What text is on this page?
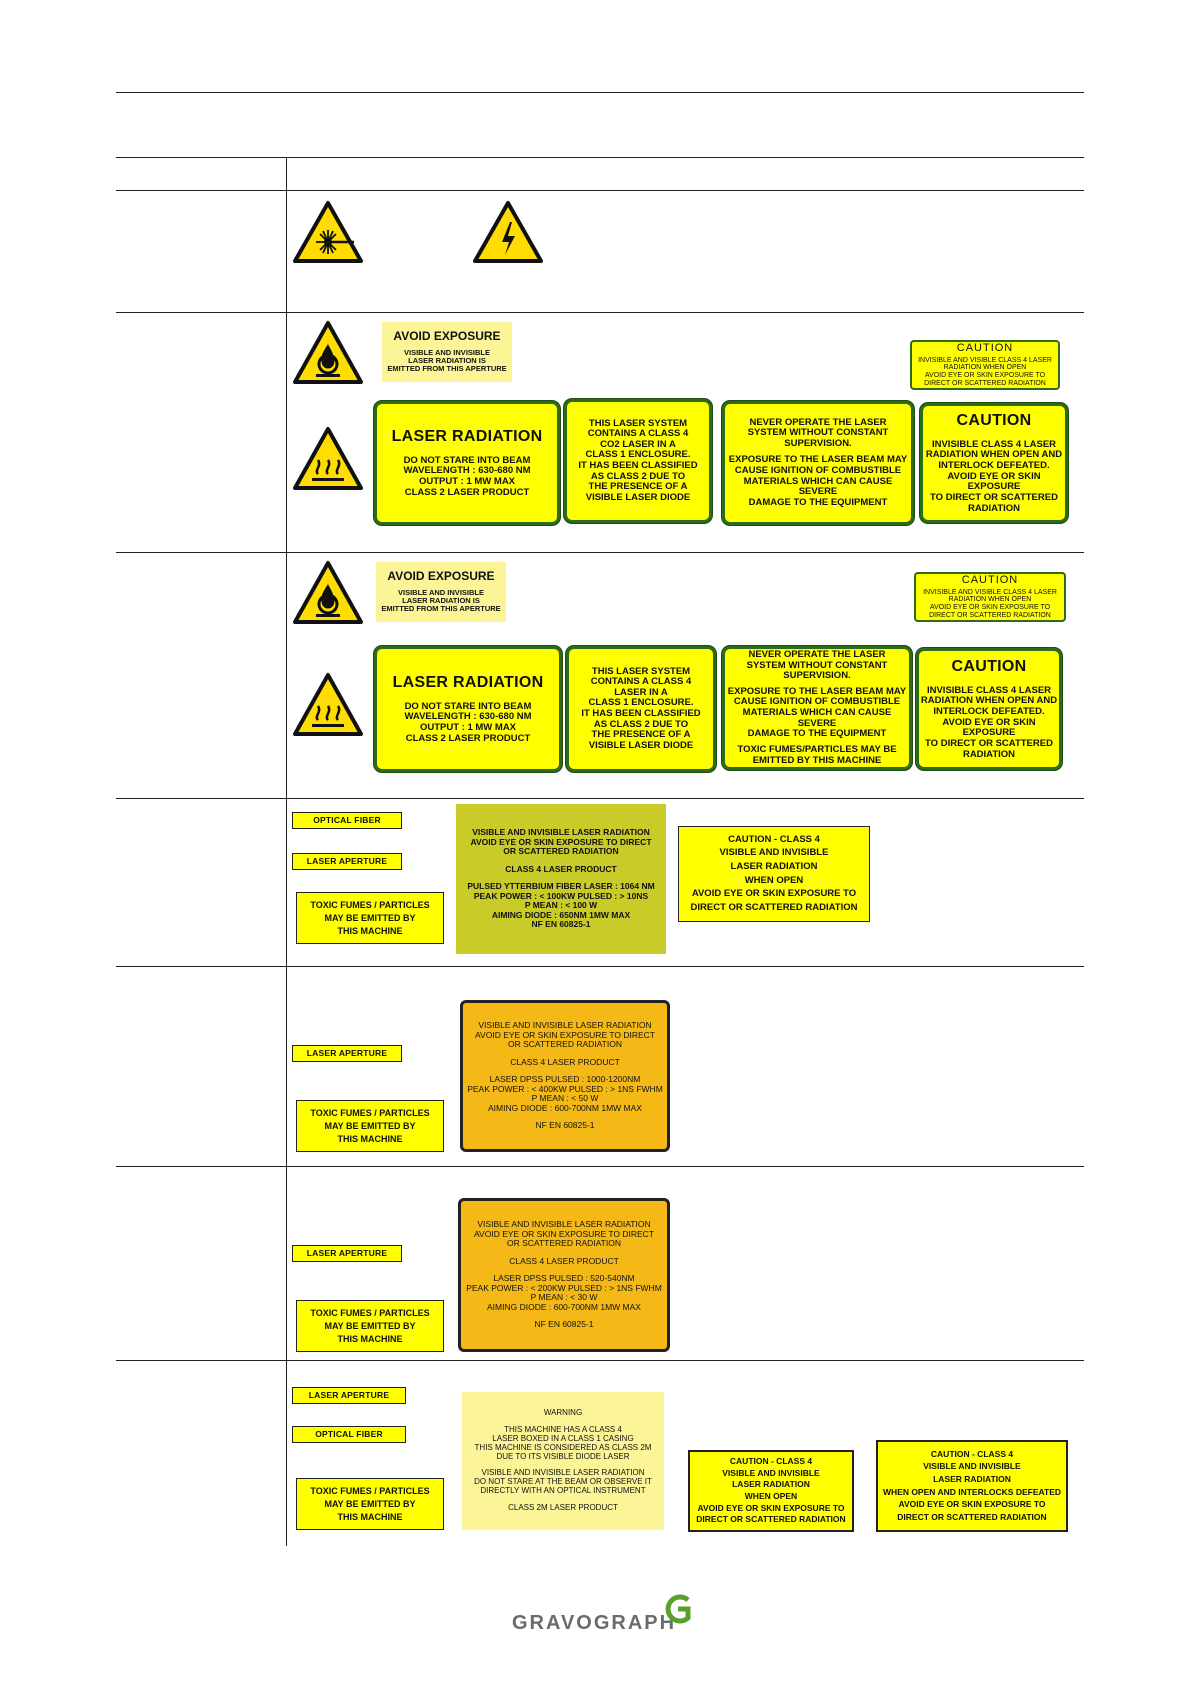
AVOID EXPOSURE
VISIBLE AND INVISIBLE
LASER RADIATION IS
EMITTED FROM THIS APERTURE
CAUTION
INVISIBLE AND VISIBLE CLASS 4 LASER
RADIATION WHEN OPEN
AVOID EYE OR SKIN EXPOSURE TO
DIRECT OR SCATTERED RADIATION
LASER RADIATION
DO NOT STARE INTO BEAM
WAVELENGTH : 630-680 NM
OUTPUT : 1 MW MAX
CLASS 2 LASER PRODUCT
THIS LASER SYSTEM
CONTAINS A CLASS 4
CO2 LASER IN A
CLASS 1 ENCLOSURE.
IT HAS BEEN CLASSIFIED
AS CLASS 2 DUE TO
THE PRESENCE OF A
VISIBLE LASER DIODE
NEVER OPERATE THE LASER
SYSTEM WITHOUT CONSTANT
SUPERVISION.
EXPOSURE TO THE LASER BEAM MAY
CAUSE IGNITION OF COMBUSTIBLE
MATERIALS WHICH CAN CAUSE SEVERE
DAMAGE TO THE EQUIPMENT
CAUTION
INVISIBLE CLASS 4 LASER
RADIATION WHEN OPEN AND
INTERLOCK DEFEATED.
AVOID EYE OR SKIN EXPOSURE
TO DIRECT OR SCATTERED
RADIATION
AVOID EXPOSURE
VISIBLE AND INVISIBLE
LASER RADIATION IS
EMITTED FROM THIS APERTURE
CAUTION
INVISIBLE AND VISIBLE CLASS 4 LASER
RADIATION WHEN OPEN
AVOID EYE OR SKIN EXPOSURE TO
DIRECT OR SCATTERED RADIATION
LASER RADIATION
DO NOT STARE INTO BEAM
WAVELENGTH : 630-680 NM
OUTPUT : 1 MW MAX
CLASS 2 LASER PRODUCT
THIS LASER SYSTEM
CONTAINS A CLASS 4
LASER IN A
CLASS 1 ENCLOSURE.
IT HAS BEEN CLASSIFIED
AS CLASS 2 DUE TO
THE PRESENCE OF A
VISIBLE LASER DIODE
NEVER OPERATE THE LASER
SYSTEM WITHOUT CONSTANT
SUPERVISION.
EXPOSURE TO THE LASER BEAM MAY
CAUSE IGNITION OF COMBUSTIBLE
MATERIALS WHICH CAN CAUSE SEVERE
DAMAGE TO THE EQUIPMENT
TOXIC FUMES/PARTICLES MAY BE
EMITTED BY THIS MACHINE
CAUTION
INVISIBLE CLASS 4 LASER
RADIATION WHEN OPEN AND
INTERLOCK DEFEATED.
AVOID EYE OR SKIN EXPOSURE
TO DIRECT OR SCATTERED
RADIATION
OPTICAL FIBER
LASER APERTURE
TOXIC FUMES / PARTICLES
MAY BE EMITTED BY
THIS MACHINE
VISIBLE AND INVISIBLE LASER RADIATION
AVOID EYE OR SKIN EXPOSURE TO DIRECT
OR SCATTERED RADIATION
CLASS 4 LASER PRODUCT
PULSED YTTERBIUM FIBER LASER : 1064 NM
PEAK POWER : < 100KW PULSED : > 10NS
P MEAN : < 100 W
AIMING DIODE : 650NM 1MW MAX
NF EN 60825-1
CAUTION - CLASS 4
VISIBLE AND INVISIBLE
LASER RADIATION
WHEN OPEN
AVOID EYE OR SKIN EXPOSURE TO
DIRECT OR SCATTERED RADIATION
LASER APERTURE
TOXIC FUMES / PARTICLES
MAY BE EMITTED BY
THIS MACHINE
VISIBLE AND INVISIBLE LASER RADIATION
AVOID EYE OR SKIN EXPOSURE TO DIRECT
OR SCATTERED RADIATION
CLASS 4 LASER PRODUCT
LASER DPSS PULSED : 1000-1200NM
PEAK POWER : < 400KW PULSED : > 1NS FWHM
P MEAN : < 50 W
AIMING DIODE : 600-700NM 1MW MAX
NF EN 60825-1
LASER APERTURE
TOXIC FUMES / PARTICLES
MAY BE EMITTED BY
THIS MACHINE
VISIBLE AND INVISIBLE LASER RADIATION
AVOID EYE OR SKIN EXPOSURE TO DIRECT
OR SCATTERED RADIATION
CLASS 4 LASER PRODUCT
LASER DPSS PULSED : 520-540NM
PEAK POWER : < 200KW PULSED : > 1NS FWHM
P MEAN : < 30 W
AIMING DIODE : 600-700NM 1MW MAX
NF EN 60825-1
LASER APERTURE
OPTICAL FIBER
TOXIC FUMES / PARTICLES
MAY BE EMITTED BY
THIS MACHINE
WARNING
THIS MACHINE HAS A CLASS 4
LASER BOXED IN A CLASS 1 CASING
THIS MACHINE IS CONSIDERED AS CLASS 2M
DUE TO ITS VISIBLE DIODE LASER
VISIBLE AND INVISIBLE LASER RADIATION
DO NOT STARE AT THE BEAM OR OBSERVE IT
DIRECTLY WITH AN OPTICAL INSTRUMENT
CLASS 2M LASER PRODUCT
CAUTION - CLASS 4
VISIBLE AND INVISIBLE
LASER RADIATION
WHEN OPEN
AVOID EYE OR SKIN EXPOSURE TO
DIRECT OR SCATTERED RADIATION
CAUTION - CLASS 4
VISIBLE AND INVISIBLE
LASER RADIATION
WHEN OPEN AND INTERLOCKS DEFEATED
AVOID EYE OR SKIN EXPOSURE TO
DIRECT OR SCATTERED RADIATION
GRAVOGRAPH
